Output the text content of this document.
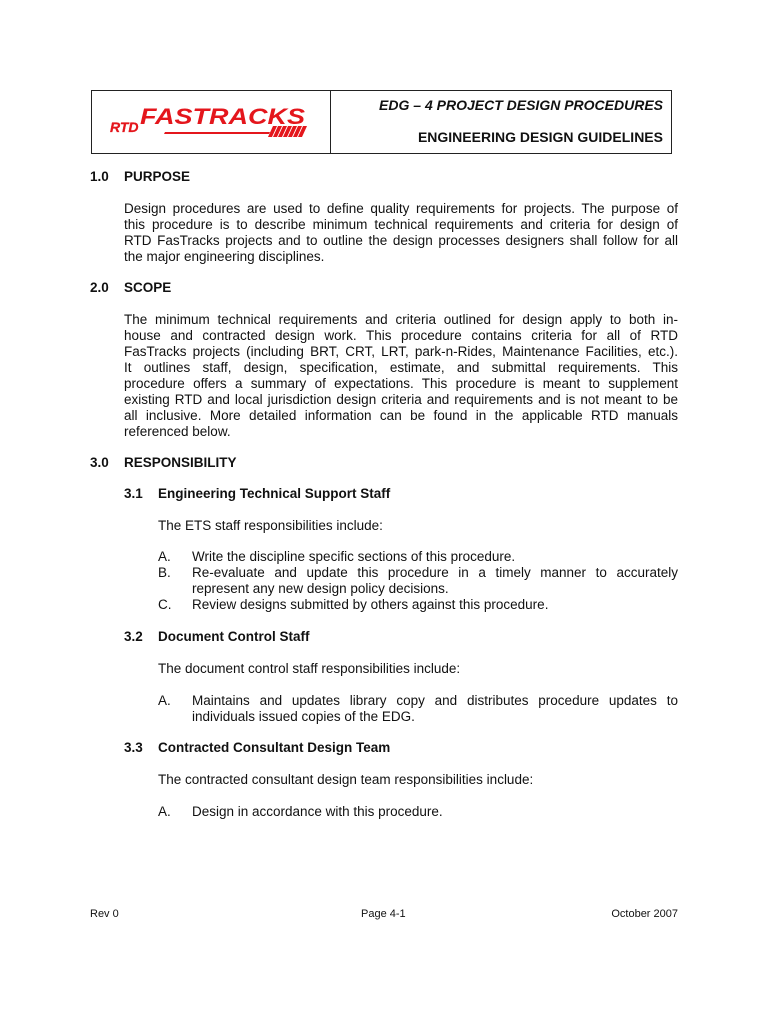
RTD FASTRACKS	EDG – 4 PROJECT DESIGN PROCEDURES
ENGINEERING DESIGN GUIDELINES
1.0 PURPOSE
Design procedures are used to define quality requirements for projects. The purpose of
this procedure is to describe minimum technical requirements and criteria for design of
RTD FasTracks projects and to outline the design processes designers shall follow for all
the major engineering disciplines.
2.0 SCOPE
The minimum technical requirements and criteria outlined for design apply to both in-
house and contracted design work. This procedure contains criteria for all of RTD
FasTracks projects (including BRT, CRT, LRT, park-n-Rides, Maintenance Facilities, etc.).
It outlines staff, design, specification, estimate, and submittal requirements. This
procedure offers a summary of expectations. This procedure is meant to supplement
existing RTD and local jurisdiction design criteria and requirements and is not meant to be
all inclusive. More detailed information can be found in the applicable RTD manuals
referenced below.
3.0 RESPONSIBILITY
3.1 Engineering Technical Support Staff
The ETS staff responsibilities include:
A. Write the discipline specific sections of this procedure.
B. Re-evaluate and update this procedure in a timely manner to accurately
represent any new design policy decisions.
C. Review designs submitted by others against this procedure.
3.2 Document Control Staff
The document control staff responsibilities include:
A. Maintains and updates library copy and distributes procedure updates to
individuals issued copies of the EDG.
3.3 Contracted Consultant Design Team
The contracted consultant design team responsibilities include:
A. Design in accordance with this procedure.
Rev 0	Page 4-1	October 2007
